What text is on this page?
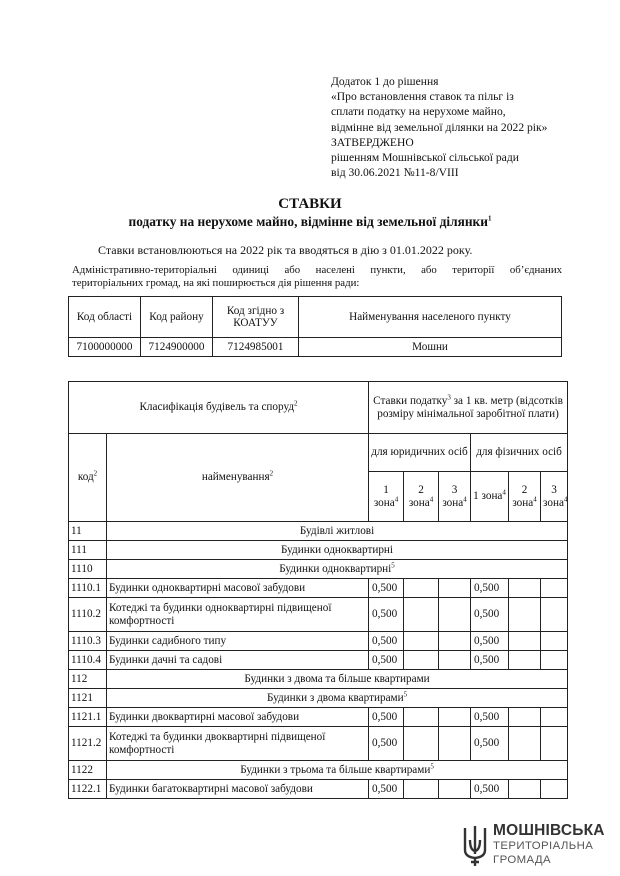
Додаток 1 до рішення
«Про встановлення ставок та пільг із
сплати податку на нерухоме майно,
відмінне від земельної ділянки на 2022 рік»
ЗАТВЕРДЖЕНО
рішенням Мошнівської сільської ради
від 30.06.2021 №11-8/VIII
СТАВКИ
податку на нерухоме майно, відмінне від земельної ділянки$^1$
Ставки встановлюються на 2022 рік та вводяться в дію з 01.01.2022 року.
Адміністративно-територіальні одиниці або населені пункти, або території об’єднаних
територіальних громад, на які поширюється дія рішення ради:
Код області	Код району	Код згідно з КОАТУУ	Найменування населеного пункту
7100000000	7124900000	7124985001	Мошни
Класифікація будівель та споруд$^2$		Ставки податку$^3$ за 1 кв. метр (відсотків розміру мінімальної заробітної плати)					
код$^2$	найменування$^2$	для юридичних осіб			для фізичних осіб		
		1 зона$^4$	2 зона$^4$	3 зона$^4$	1 зона$^4$	2 зона$^4$	3 зона$^4$
11	Будівлі житлові						
111	Будинки одноквартирні						
1110	Будинки одноквартирні$^5$
1110.1	Будинки одноквартирні масової забудови	0,500			0,500		
1110.2	Котеджі та будинки одноквартирні підвищеної комфортності	0,500			0,500		
1110.3	Будинки садибного типу	0,500			0,500		
1110.4	Будинки дачні та садові	0,500			0,500		
112	Будинки з двома та більше квартирами						
1121	Будинки з двома квартирами$^5$
1121.1	Будинки двоквартирні масової забудови	0,500			0,500		
1121.2	Котеджі та будинки двоквартирні підвищеної комфортності	0,500			0,500		
1122	Будинки з трьома та більше квартирами$^5$
1122.1	Будинки багатоквартирні масової забудови	0,500			0,500		
МОШНІВСЬКА
ТЕРИТОРІАЛЬНА
ГРОМАДА
